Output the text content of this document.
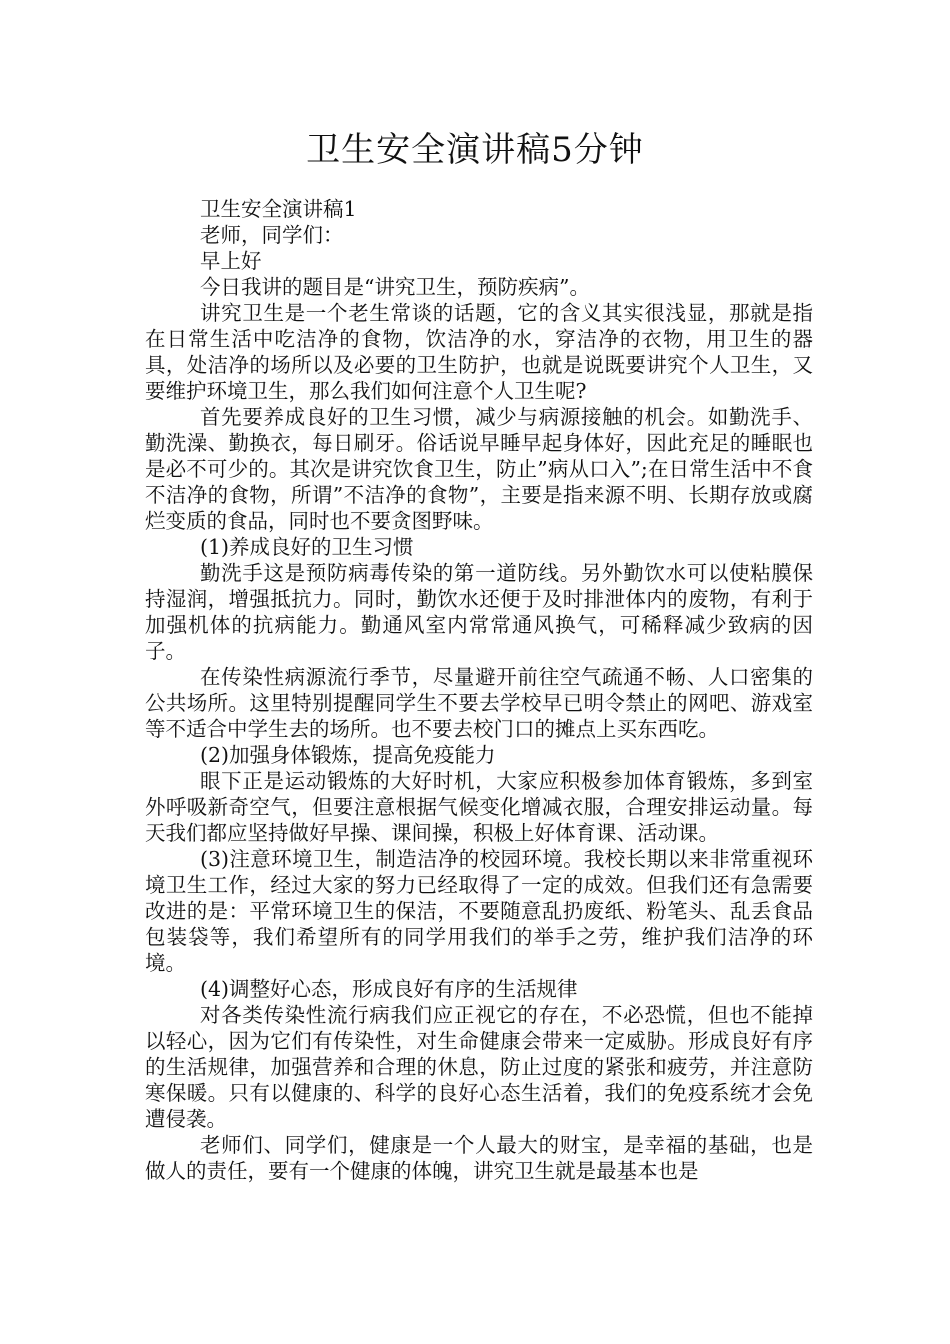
卫生安全演讲稿5分钟

卫生安全演讲稿1

老师，同学们：

早上好

今日我讲的题目是“讲究卫生，预防疾病”。

讲究卫生是一个老生常谈的话题，它的含义其实很浅显，那就是指在日常生活中吃洁净的食物，饮洁净的水，穿洁净的衣物，用卫生的器具，处洁净的场所以及必要的卫生防护，也就是说既要讲究个人卫生，又要维护环境卫生，那么我们如何注意个人卫生呢?

首先要养成良好的卫生习惯，减少与病源接触的机会。如勤洗手、勤洗澡、勤换衣，每日刷牙。俗话说早睡早起身体好，因此充足的睡眠也是必不可少的。其次是讲究饮食卫生，防止”病从口入”;在日常生活中不食不洁净的食物，所谓”不洁净的食物”，主要是指来源不明、长期存放或腐烂变质的食品，同时也不要贪图野味。

(1)养成良好的卫生习惯

勤洗手这是预防病毒传染的第一道防线。另外勤饮水可以使粘膜保持湿润，增强抵抗力。同时，勤饮水还便于及时排泄体内的废物，有利于加强机体的抗病能力。勤通风室内常常通风换气，可稀释减少致病的因子。

在传染性病源流行季节，尽量避开前往空气疏通不畅、人口密集的公共场所。这里特别提醒同学生不要去学校早已明令禁止的网吧、游戏室等不适合中学生去的场所。也不要去校门口的摊点上买东西吃。

(2)加强身体锻炼，提高免疫能力

眼下正是运动锻炼的大好时机，大家应积极参加体育锻炼，多到室外呼吸新奇空气，但要注意根据气候变化增减衣服，合理安排运动量。每天我们都应坚持做好早操、课间操，积极上好体育课、活动课。

(3)注意环境卫生，制造洁净的校园环境。我校长期以来非常重视环境卫生工作，经过大家的努力已经取得了一定的成效。但我们还有急需要改进的是：平常环境卫生的保洁，不要随意乱扔废纸、粉笔头、乱丢食品包装袋等，我们希望所有的同学用我们的举手之劳，维护我们洁净的环境。

(4)调整好心态，形成良好有序的生活规律

对各类传染性流行病我们应正视它的存在，不必恐慌，但也不能掉以轻心，因为它们有传染性，对生命健康会带来一定威胁。形成良好有序的生活规律，加强营养和合理的休息，防止过度的紧张和疲劳，并注意防寒保暖。只有以健康的、科学的良好心态生活着，我们的免疫系统才会免遭侵袭。

老师们、同学们，健康是一个人最大的财宝，是幸福的基础，也是做人的责任，要有一个健康的体魄，讲究卫生就是最基本也是
